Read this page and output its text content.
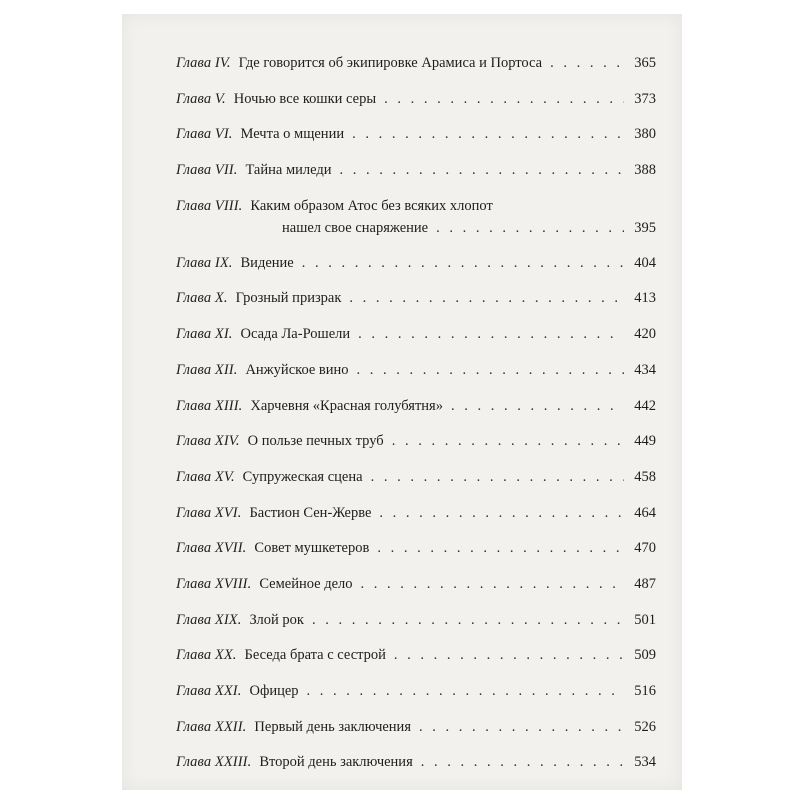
Глава IV. Где говорится об экипировке Арамиса и Портоса . . .	365
Глава V. Ночью все кошки серы . . .	373
Глава VI. Мечта о мщении . . .	380
Глава VII. Тайна миледи . . .	388
Глава VIII. Каким образом Атос без всяких хлопот
нашел свое снаряжение . . .	395
Глава IX. Видение . . .	404
Глава X. Грозный призрак . . .	413
Глава XI. Осада Ла-Рошели . . .	420
Глава XII. Анжуйское вино . . .	434
Глава XIII. Харчевня «Красная голубятня» . . .	442
Глава XIV. О пользе печных труб . . .	449
Глава XV. Супружеская сцена . . .	458
Глава XVI. Бастион Сен-Жерве . . .	464
Глава XVII. Совет мушкетеров . . .	470
Глава XVIII. Семейное дело . . .	487
Глава XIX. Злой рок . . .	501
Глава XX. Беседа брата с сестрой . . .	509
Глава XXI. Офицер . . .	516
Глава XXII. Первый день заключения . . .	526
Глава XXIII. Второй день заключения . . .	534
